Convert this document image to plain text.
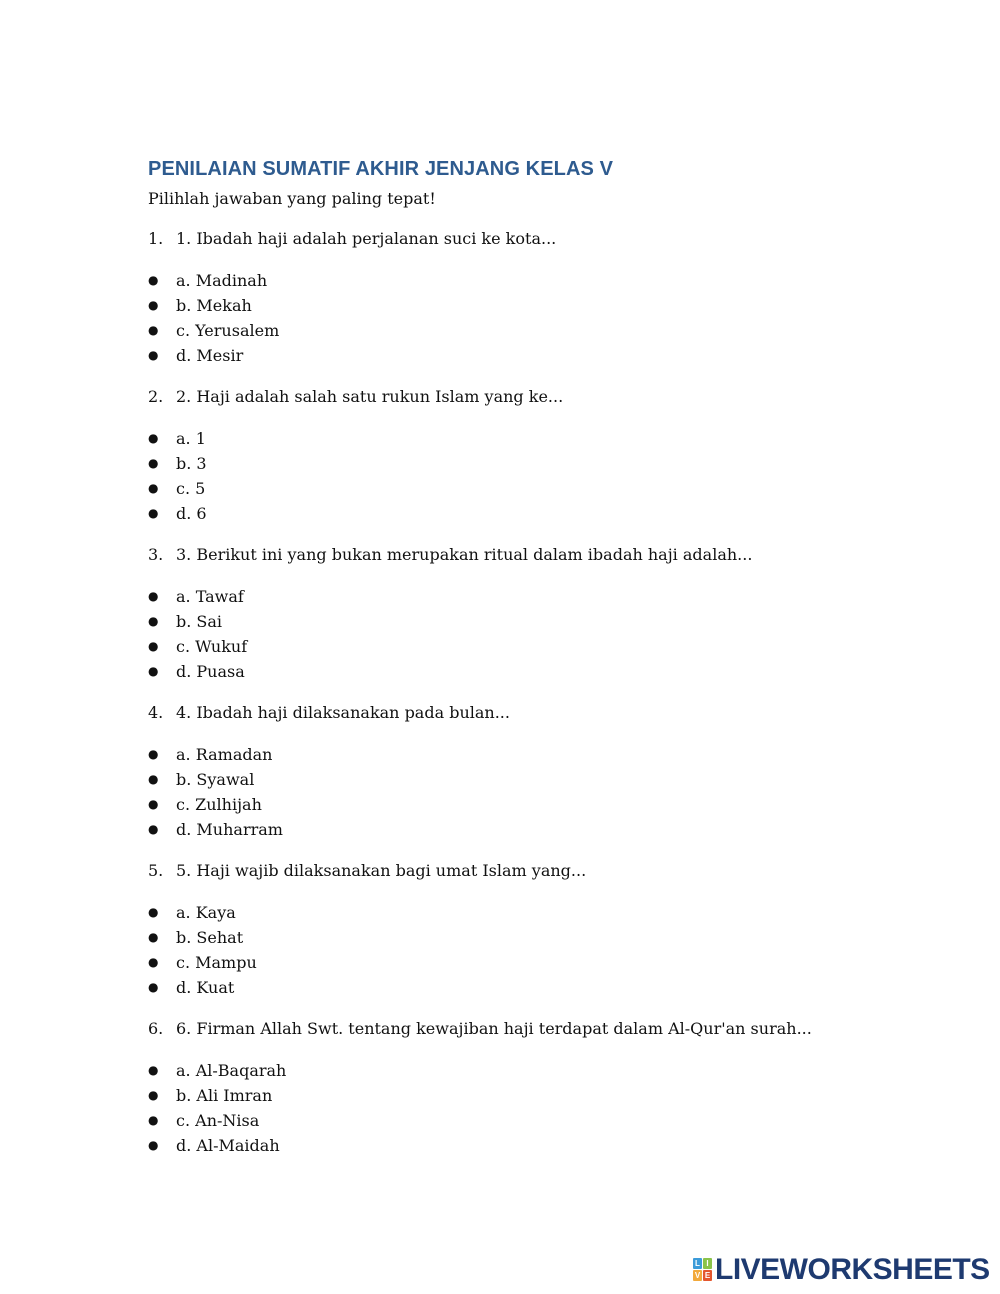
PENILAIAN SUMATIF AKHIR JENJANG KELAS V

Pilihlah jawaban yang paling tepat!

1. 1. Ibadah haji adalah perjalanan suci ke kota...
● a. Madinah
● b. Mekah
● c. Yerusalem
● d. Mesir
2. 2. Haji adalah salah satu rukun Islam yang ke...
● a. 1
● b. 3
● c. 5
● d. 6
3. 3. Berikut ini yang bukan merupakan ritual dalam ibadah haji adalah...
● a. Tawaf
● b. Sai
● c. Wukuf
● d. Puasa
4. 4. Ibadah haji dilaksanakan pada bulan...
● a. Ramadan
● b. Syawal
● c. Zulhijah
● d. Muharram
5. 5. Haji wajib dilaksanakan bagi umat Islam yang...
● a. Kaya
● b. Sehat
● c. Mampu
● d. Kuat
6. 6. Firman Allah Swt. tentang kewajiban haji terdapat dalam Al-Qur'an surah...
● a. Al-Baqarah
● b. Ali Imran
● c. An-Nisa
● d. Al-Maidah
L I
V E LIVEWORKSHEETS
